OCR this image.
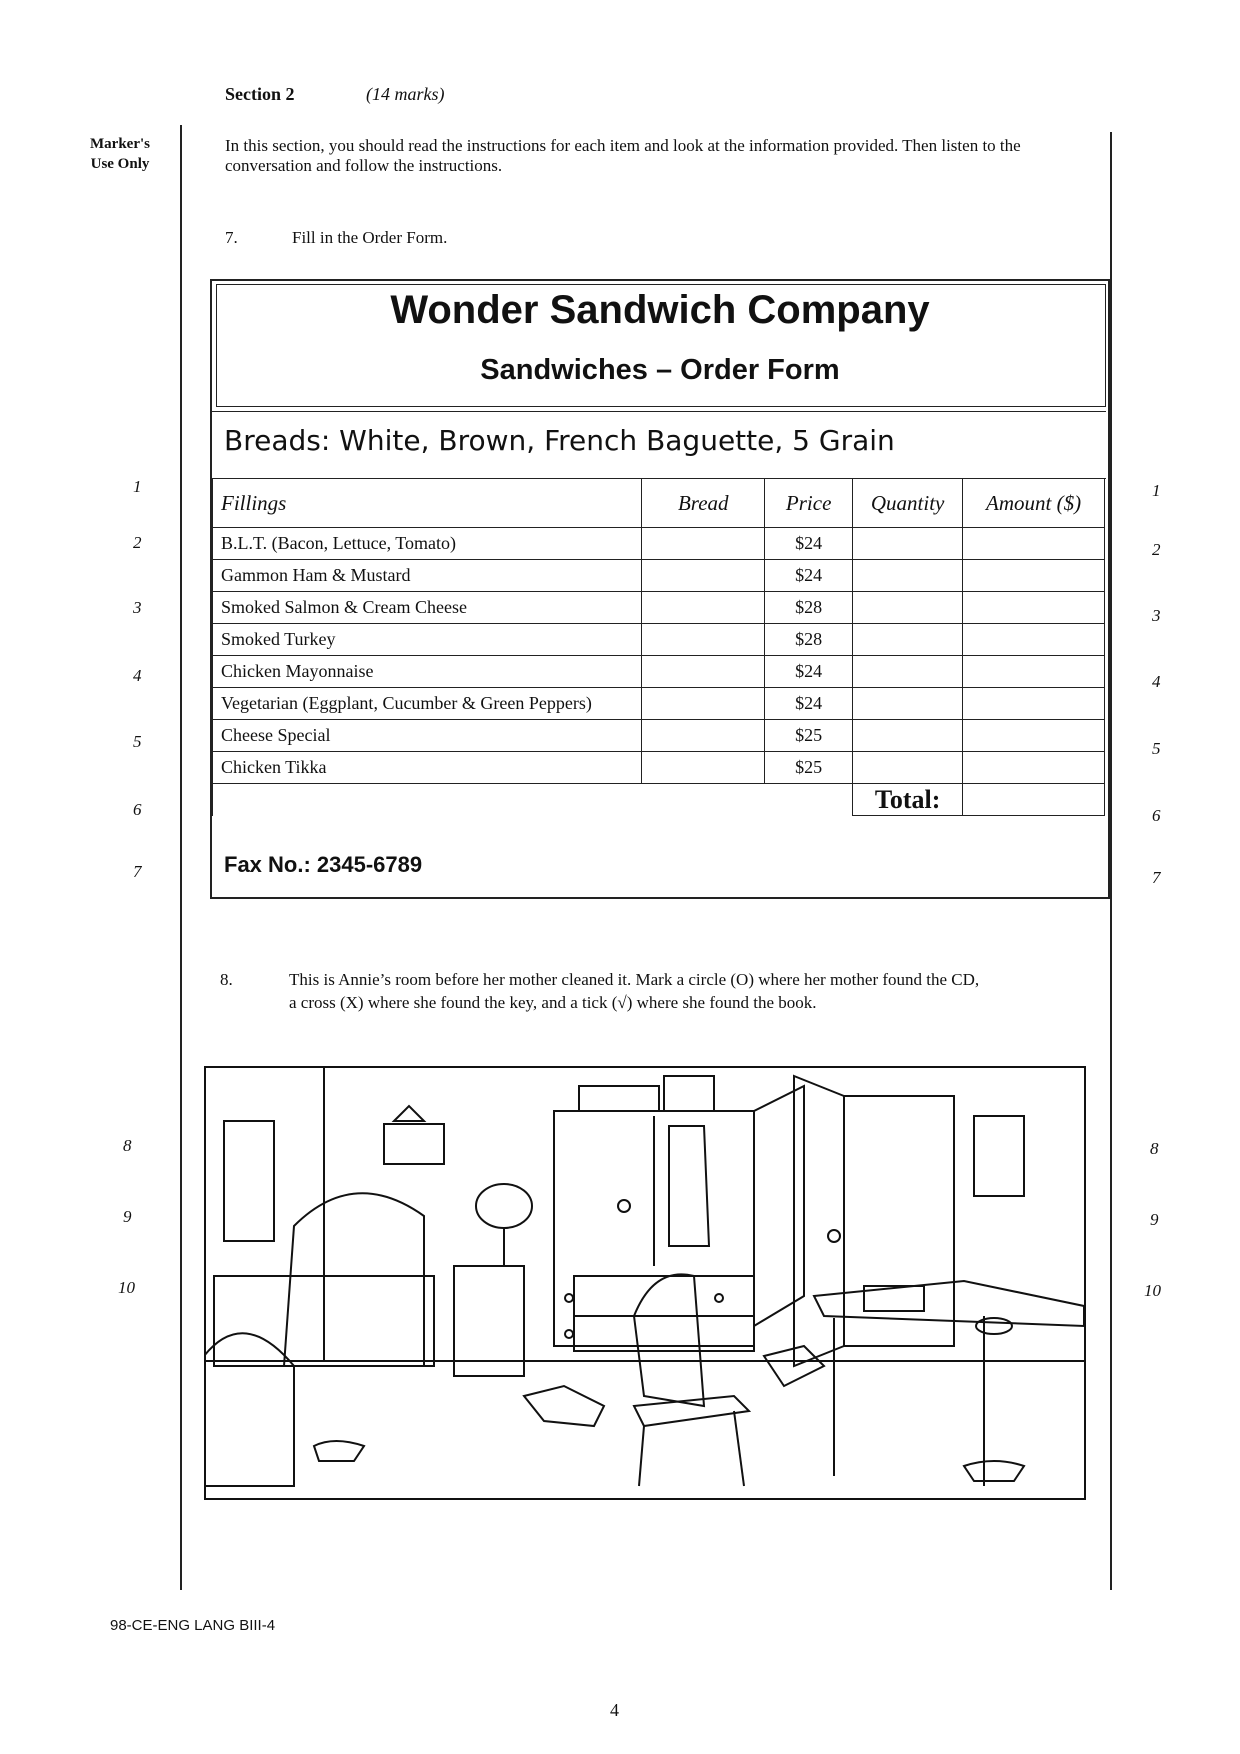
Section 2	(14 marks)
Marker's Use Only
In this section, you should read the instructions for each item and look at the information provided. Then listen to the conversation and follow the instructions.
7.	Fill in the Order Form.
Wonder Sandwich Company
Sandwiches – Order Form
Breads: White, Brown, French Baguette, 5 Grain
Fillings	Bread	Price	Quantity	Amount ($)
B.L.T. (Bacon, Lettuce, Tomato)		$24		
Gammon Ham & Mustard		$24		
Smoked Salmon & Cream Cheese		$28		
Smoked Turkey		$28		
Chicken Mayonnaise		$24		
Vegetarian (Eggplant, Cucumber & Green Peppers)		$24		
Cheese Special		$25		
Chicken Tikka		$25		
			Total:	
Fax No.: 2345-6789
8.	This is Annie’s room before her mother cleaned it. Mark a circle (O) where her mother found the CD,
a cross (X) where she found the key, and a tick (√) where she found the book.
1
2
3
4
5
6
7
8
9
10
1
2
3
4
5
6
7
8
9
10
98-CE-ENG LANG BIII-4
4
